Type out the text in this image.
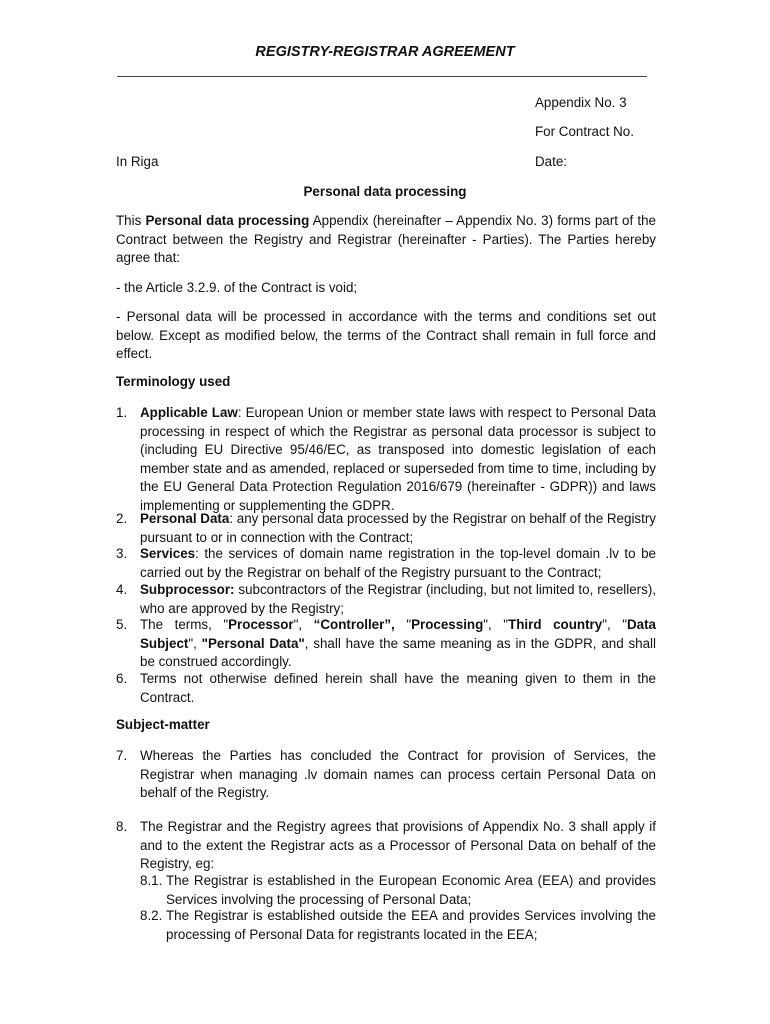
REGISTRY-REGISTRAR AGREEMENT
Appendix No. 3
For Contract No.
In Riga	Date:
Personal data processing
This Personal data processing Appendix (hereinafter – Appendix No. 3) forms part of the Contract between the Registry and Registrar (hereinafter - Parties). The Parties hereby agree that:
- the Article 3.2.9. of the Contract is void;
- Personal data will be processed in accordance with the terms and conditions set out below. Except as modified below, the terms of the Contract shall remain in full force and effect.
Terminology used
1. Applicable Law: European Union or member state laws with respect to Personal Data processing in respect of which the Registrar as personal data processor is subject to (including EU Directive 95/46/EC, as transposed into domestic legislation of each member state and as amended, replaced or superseded from time to time, including by the EU General Data Protection Regulation 2016/679 (hereinafter - GDPR)) and laws implementing or supplementing the GDPR.
2. Personal Data: any personal data processed by the Registrar on behalf of the Registry pursuant to or in connection with the Contract;
3. Services: the services of domain name registration in the top-level domain .lv to be carried out by the Registrar on behalf of the Registry pursuant to the Contract;
4. Subprocessor: subcontractors of the Registrar (including, but not limited to, resellers), who are approved by the Registry;
5. The terms, "Processor", “Controller”, "Processing", "Third country", "Data Subject", "Personal Data", shall have the same meaning as in the GDPR, and shall be construed accordingly.
6. Terms not otherwise defined herein shall have the meaning given to them in the Contract.
Subject-matter
7. Whereas the Parties has concluded the Contract for provision of Services, the Registrar when managing .lv domain names can process certain Personal Data on behalf of the Registry.
8. The Registrar and the Registry agrees that provisions of Appendix No. 3 shall apply if and to the extent the Registrar acts as a Processor of Personal Data on behalf of the Registry, eg:
8.1. The Registrar is established in the European Economic Area (EEA) and provides Services involving the processing of Personal Data;
8.2. The Registrar is established outside the EEA and provides Services involving the processing of Personal Data for registrants located in the EEA;
